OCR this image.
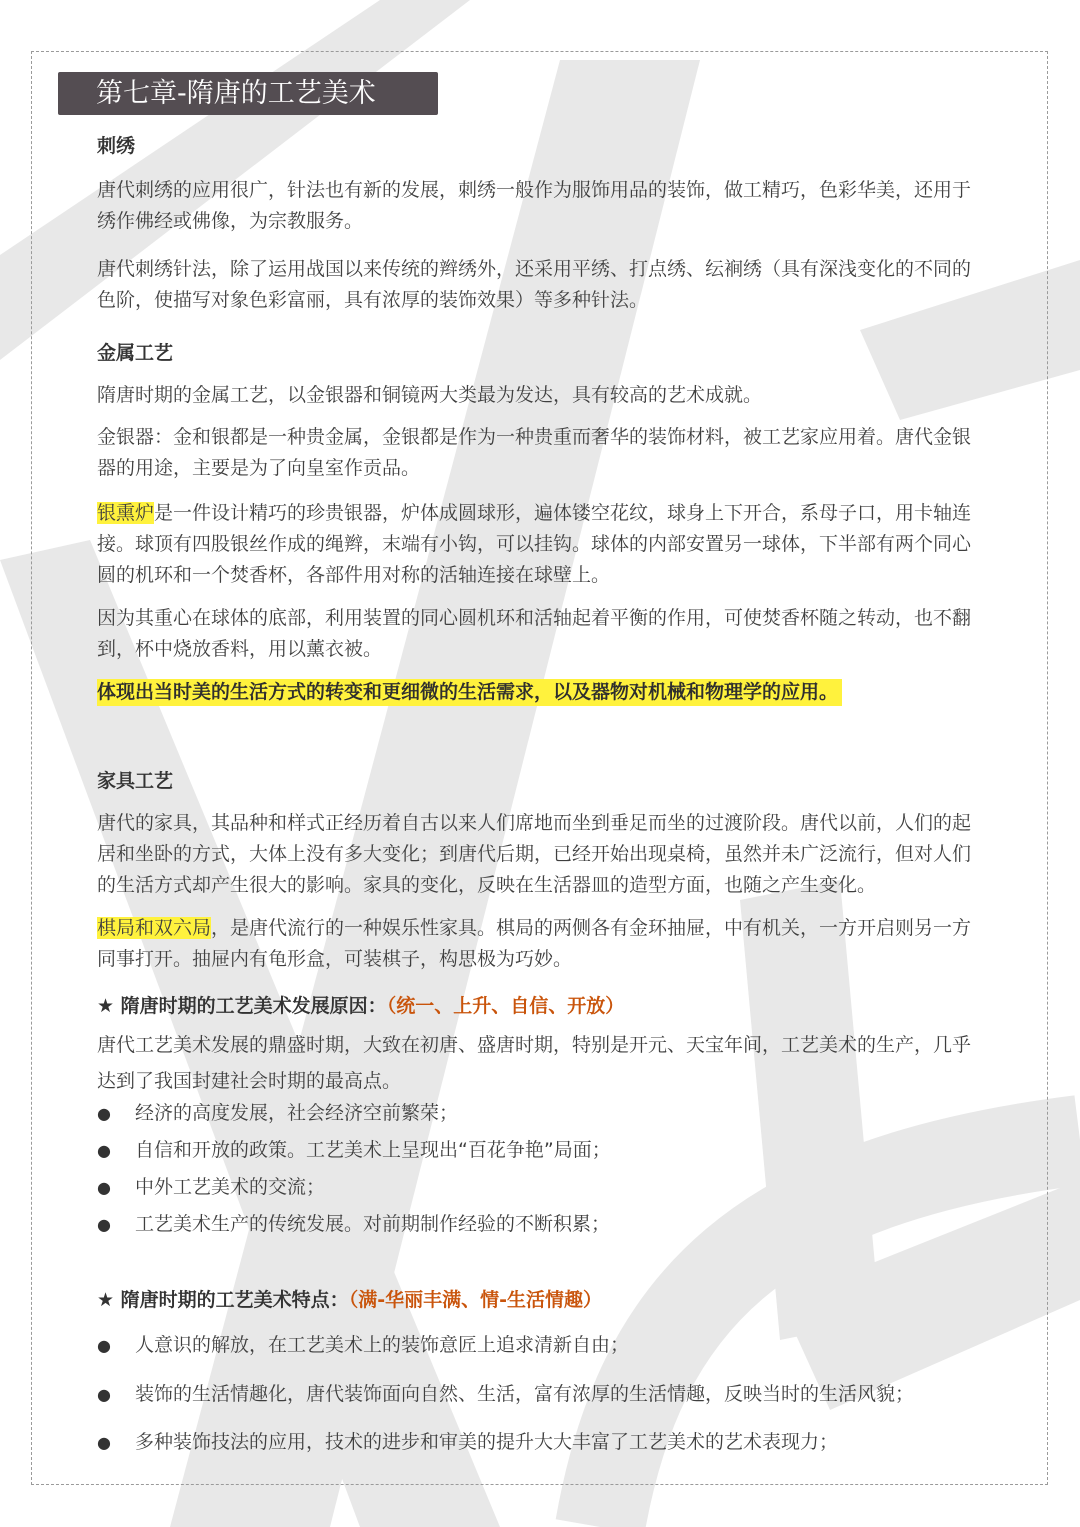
第七章-隋唐的工艺美术
刺绣
唐代刺绣的应用很广，针法也有新的发展，刺绣一般作为服饰用品的装饰，做工精巧，色彩华美，还用于绣作佛经或佛像，为宗教服务。
唐代刺绣针法，除了运用战国以来传统的辫绣外，还采用平绣、打点绣、纭裥绣（具有深浅变化的不同的色阶，使描写对象色彩富丽，具有浓厚的装饰效果）等多种针法。
金属工艺
隋唐时期的金属工艺，以金银器和铜镜两大类最为发达，具有较高的艺术成就。
金银器：金和银都是一种贵金属，金银都是作为一种贵重而奢华的装饰材料，被工艺家应用着。唐代金银器的用途，主要是为了向皇室作贡品。
银熏炉是一件设计精巧的珍贵银器，炉体成圆球形，遍体镂空花纹，球身上下开合，系母子口，用卡轴连接。球顶有四股银丝作成的绳辫，末端有小钩，可以挂钩。球体的内部安置另一球体，下半部有两个同心圆的机环和一个焚香杯，各部件用对称的活轴连接在球壁上。
因为其重心在球体的底部，利用装置的同心圆机环和活轴起着平衡的作用，可使焚香杯随之转动，也不翻到，杯中烧放香料，用以薰衣被。
体现出当时美的生活方式的转变和更细微的生活需求，以及器物对机械和物理学的应用。
家具工艺
唐代的家具，其品种和样式正经历着自古以来人们席地而坐到垂足而坐的过渡阶段。唐代以前，人们的起居和坐卧的方式，大体上没有多大变化；到唐代后期，已经开始出现桌椅，虽然并未广泛流行，但对人们的生活方式却产生很大的影响。家具的变化，反映在生活器皿的造型方面，也随之产生变化。
棋局和双六局，是唐代流行的一种娱乐性家具。棋局的两侧各有金环抽屉，中有机关，一方开启则另一方同事打开。抽屉内有龟形盒，可装棋子，构思极为巧妙。
★ 隋唐时期的工艺美术发展原因：（统一、上升、自信、开放）
唐代工艺美术发展的鼎盛时期，大致在初唐、盛唐时期，特别是开元、天宝年间，工艺美术的生产，几乎达到了我国封建社会时期的最高点。
● 经济的高度发展，社会经济空前繁荣；
● 自信和开放的政策。工艺美术上呈现出“百花争艳”局面；
● 中外工艺美术的交流；
● 工艺美术生产的传统发展。对前期制作经验的不断积累；
★ 隋唐时期的工艺美术特点：（满-华丽丰满、情-生活情趣）
● 人意识的解放，在工艺美术上的装饰意匠上追求清新自由；
● 装饰的生活情趣化，唐代装饰面向自然、生活，富有浓厚的生活情趣，反映当时的生活风貌；
● 多种装饰技法的应用，技术的进步和审美的提升大大丰富了工艺美术的艺术表现力；
